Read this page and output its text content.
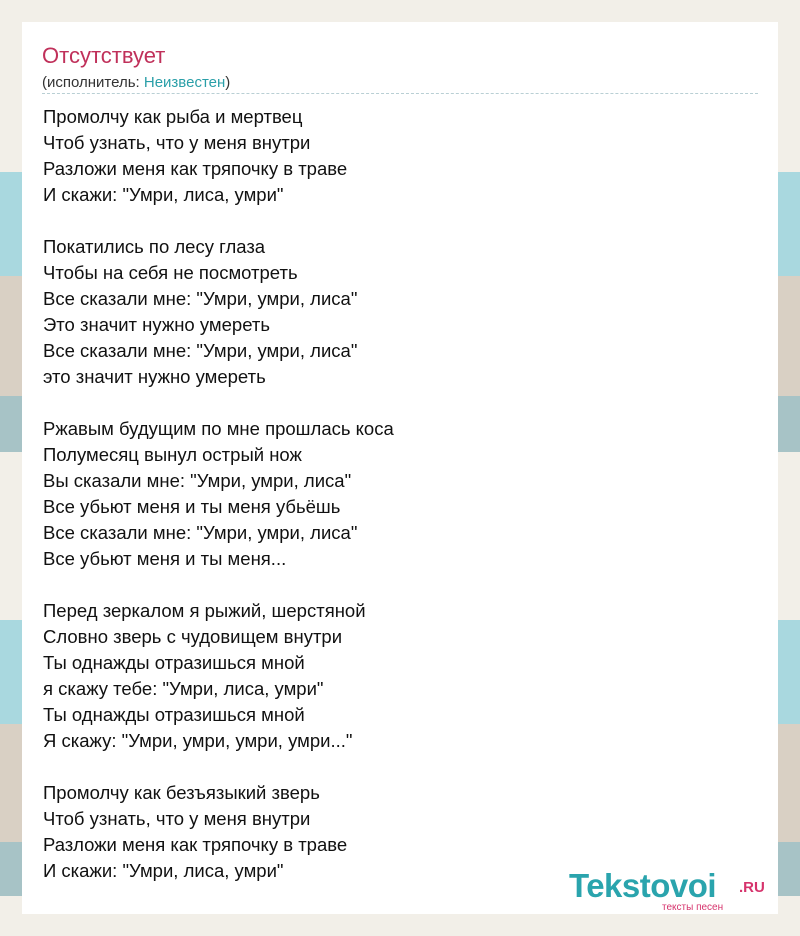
Отсутствует
(исполнитель: Неизвестен)
Промолчу как рыба и мертвец
Чтоб узнать, что у меня внутри
Разложи меня как тряпочку в траве
И скажи: "Умри, лиса, умри"
Покатились по лесу глаза
Чтобы на себя не посмотреть
Все сказали мне: "Умри, умри, лиса"
Это значит нужно умереть
Все сказали мне: "Умри, умри, лиса"
это значит нужно умереть
Ржавым будущим по мне прошлась коса
Полумесяц вынул острый нож
Вы сказали мне: "Умри, умри, лиса"
Все убьют меня и ты меня убьёшь
Все сказали мне: "Умри, умри, лиса"
Все убьют меня и ты меня...
Перед зеркалом я рыжий, шерстяной
Словно зверь с чудовищем внутри
Ты однажды отразишься мной
я скажу тебе: "Умри, лиса, умри"
Ты однажды отразишься мной
Я скажу: "Умри, умри, умри, умри..."
Промолчу как безъязыкий зверь
Чтоб узнать, что у меня внутри
Разложи меня как тряпочку в траве
И скажи: "Умри, лиса, умри"	Tekstovoi .RU
тексты песен
